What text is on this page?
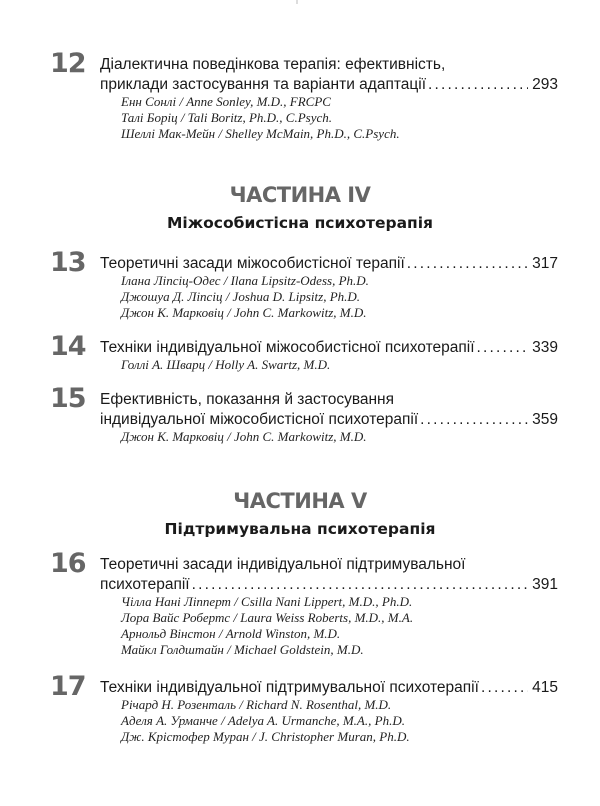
12 Діалектична поведінкова терапія: ефективність,
приклади застосування та варіанти адаптації .....	293
Енн Сонлі / Anne Sonley, M.D., FRCPC
Талі Боріц / Tali Boritz, Ph.D., C.Psych.
Шеллі Мак-Мейн / Shelley McMain, Ph.D., C.Psych.
ЧАСТИНА IV
Міжособистісна психотерапія
13 Теоретичні засади міжособистісної терапії .....	317
Ілана Ліпсіц-Одес / Ilana Lipsitz-Odess, Ph.D.
Джошуа Д. Ліпсіц / Joshua D. Lipsitz, Ph.D.
Джон К. Марковіц / John C. Markowitz, M.D.
14 Техніки індивідуальної міжособистісної психотерапії .....	339
Голлі А. Шварц / Holly A. Swartz, M.D.
15 Ефективність, показання й застосування
індивідуальної міжособистісної психотерапії .....	359
Джон К. Марковіц / John C. Markowitz, M.D.
ЧАСТИНА V
Підтримувальна психотерапія
16 Теоретичні засади індивідуальної підтримувальної
психотерапії .....	391
Чілла Нані Ліпперт / Csilla Nani Lippert, M.D., Ph.D.
Лора Вайс Робертс / Laura Weiss Roberts, M.D., M.A.
Арнольд Вінстон / Arnold Winston, M.D.
Майкл Голдштайн / Michael Goldstein, M.D.
17 Техніки індивідуальної підтримувальної психотерапії .....	415
Річард Н. Розенталь / Richard N. Rosenthal, M.D.
Аделя А. Урманче / Adelya A. Urmanche, M.A., Ph.D.
Дж. Крістофер Муран / J. Christopher Muran, Ph.D.
